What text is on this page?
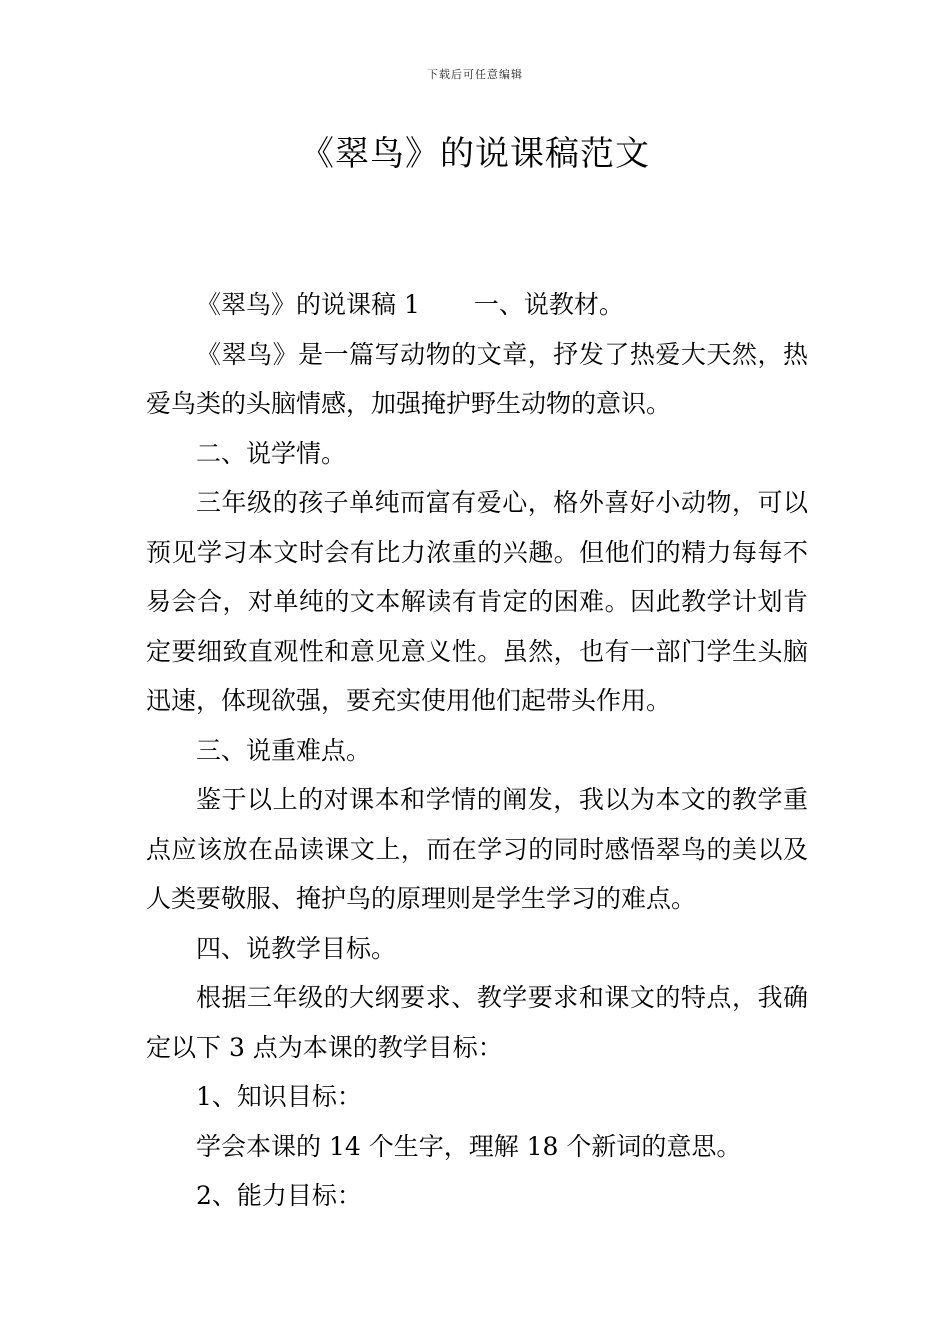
下载后可任意编辑
《翠鸟》的说课稿范文

《翠鸟》的说课稿 1 一、说教材。

《翠鸟》是一篇写动物的文章，抒发了热爱大天然，热爱鸟类的头脑情感，加强掩护野生动物的意识。

二、说学情。

三年级的孩子单纯而富有爱心，格外喜好小动物，可以预见学习本文时会有比力浓重的兴趣。但他们的精力每每不易会合，对单纯的文本解读有肯定的困难。因此教学计划肯定要细致直观性和意见意义性。虽然，也有一部门学生头脑迅速，体现欲强，要充实使用他们起带头作用。

三、说重难点。

鉴于以上的对课本和学情的阐发，我以为本文的教学重点应该放在品读课文上，而在学习的同时感悟翠鸟的美以及人类要敬服、掩护鸟的原理则是学生学习的难点。

四、说教学目标。

根据三年级的大纲要求、教学要求和课文的特点，我确定以下 3 点为本课的教学目标：

1、知识目标：

学会本课的 14 个生字，理解 18 个新词的意思。

2、能力目标：
